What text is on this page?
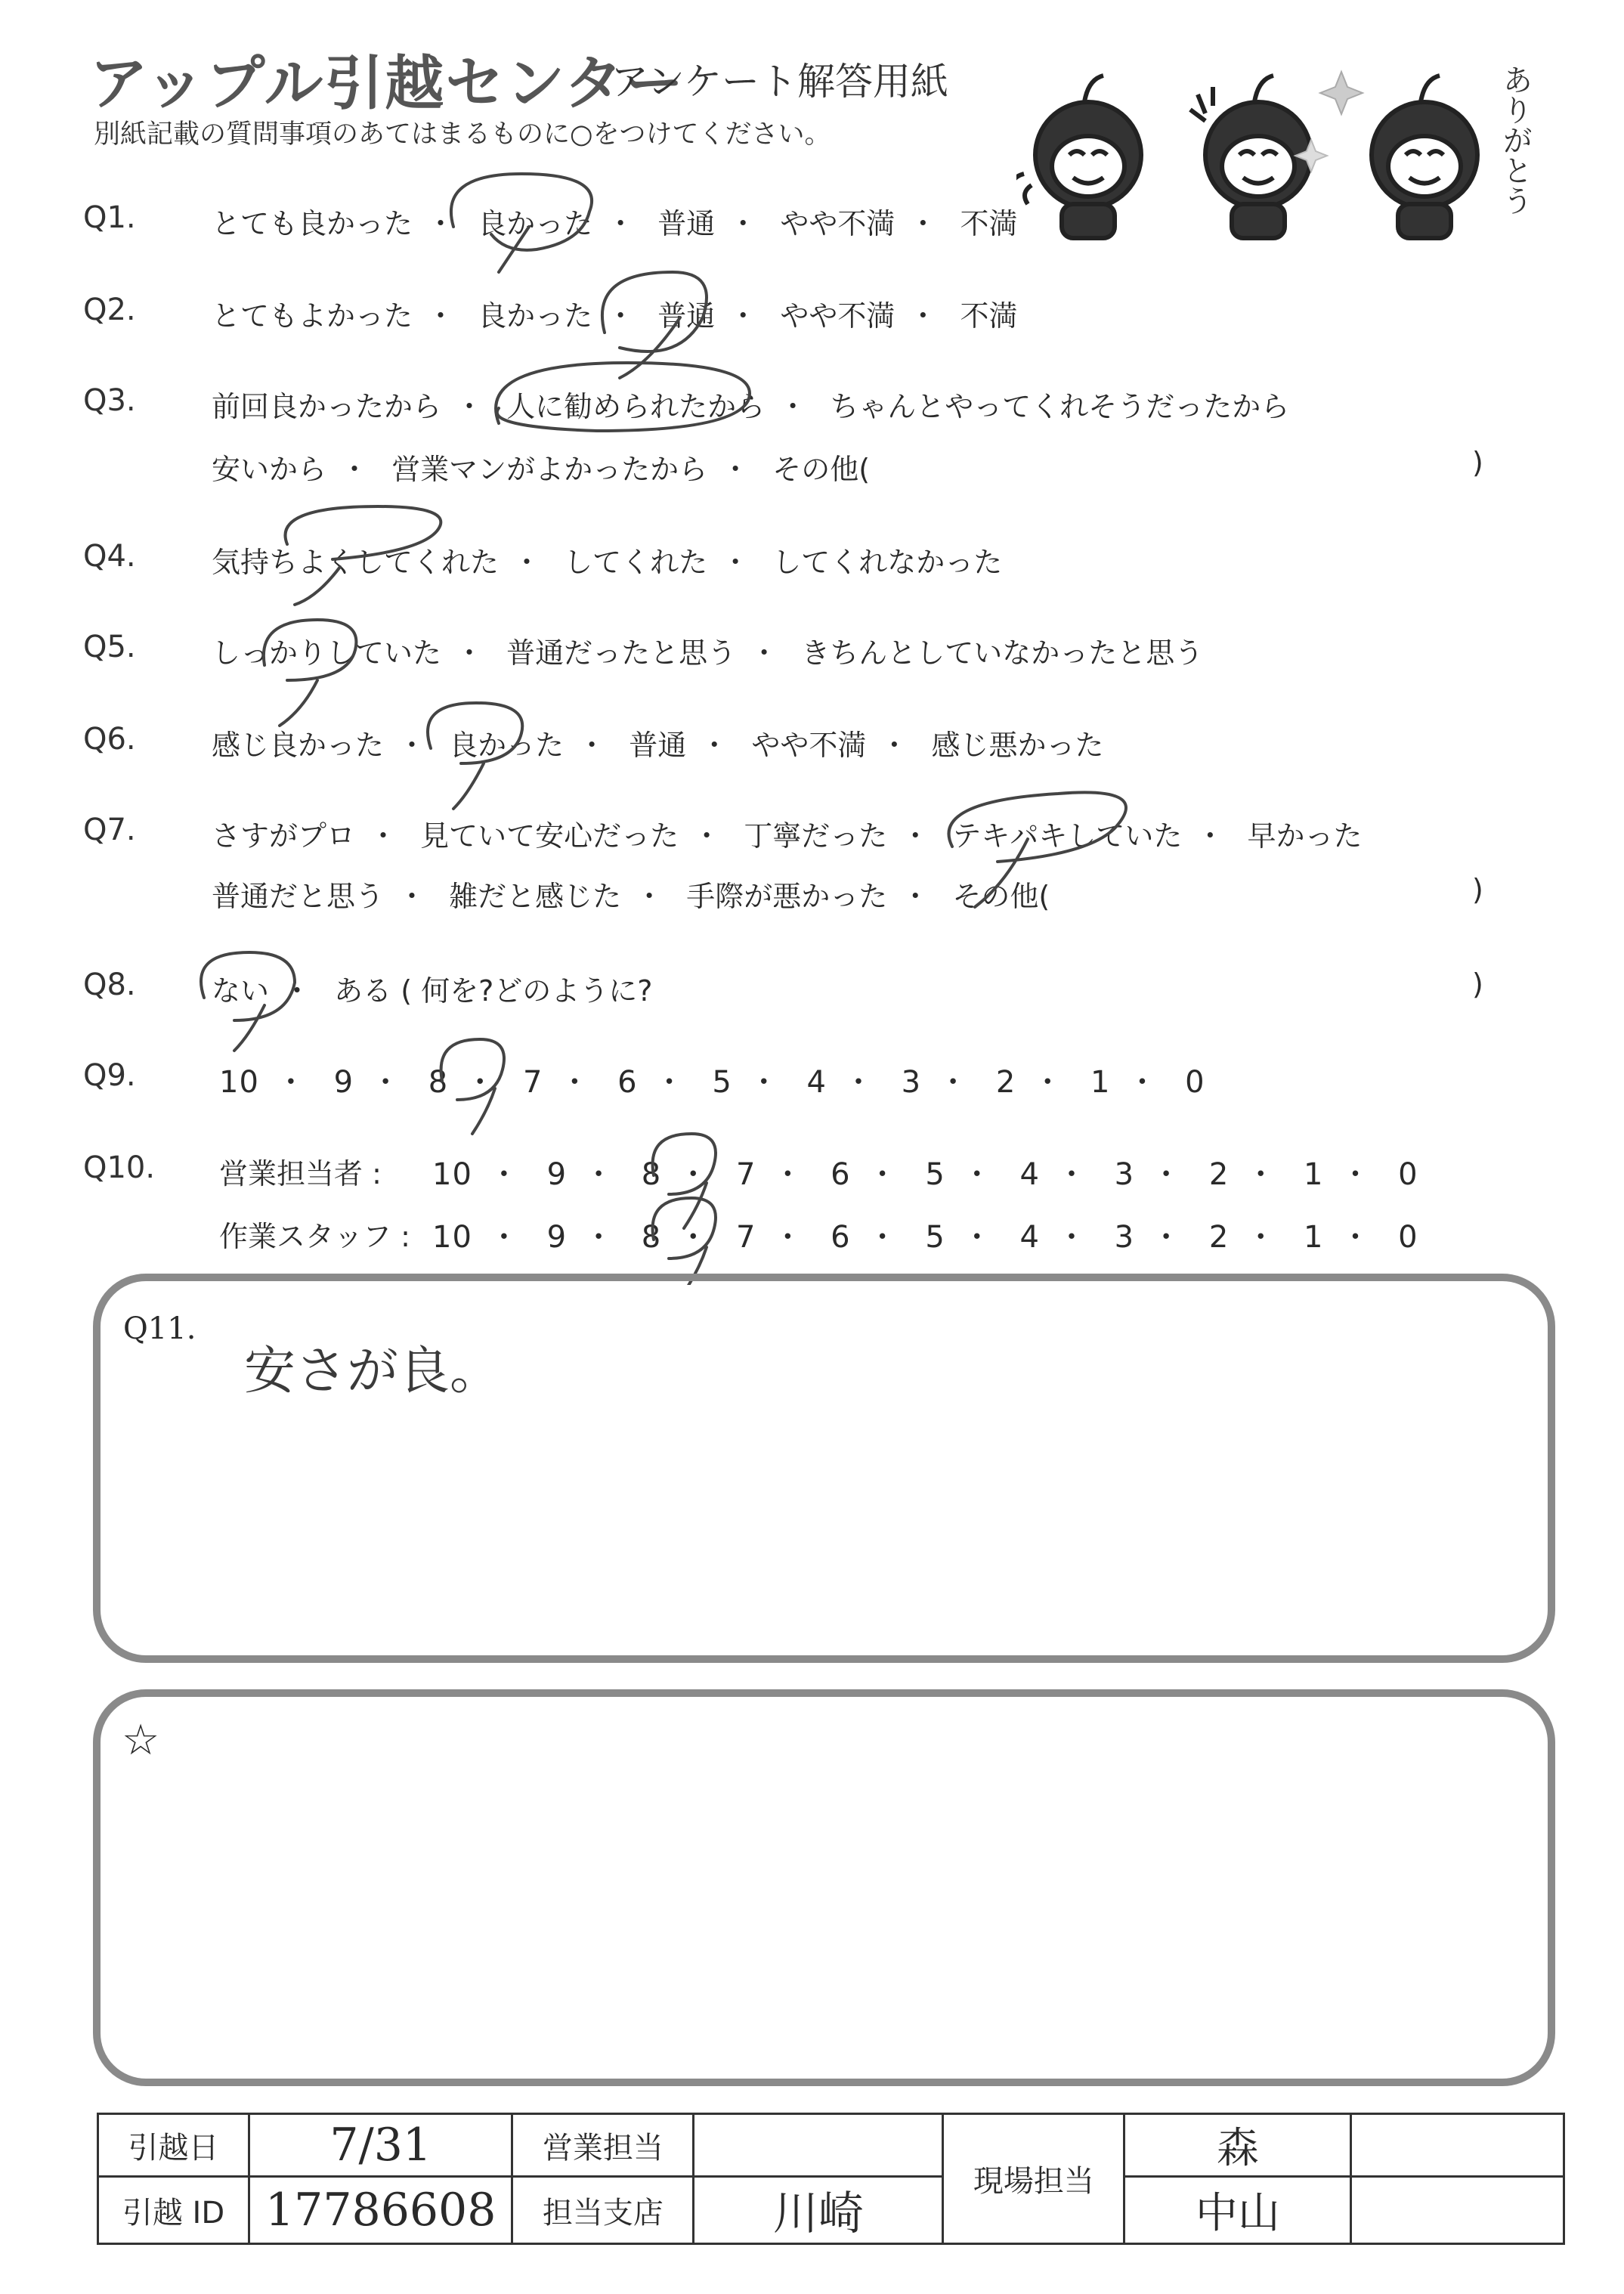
アップル引越センター
アンケート解答用紙
別紙記載の質問事項のあてはまるものに○をつけてください。	ありがとう
Q1.	とても良かった ・ 良かった ・ 普通 ・ やや不満 ・ 不満
Q2.	とてもよかった ・ 良かった ・ 普通 ・ やや不満 ・ 不満
Q3.	前回良かったから ・ 人に勧められたから ・ ちゃんとやってくれそうだったから
安いから ・ 営業マンがよかったから ・ その他(	)
Q4.	気持ちよくしてくれた ・ してくれた ・ してくれなかった
Q5.	しっかりしていた ・ 普通だったと思う ・ きちんとしていなかったと思う
Q6.	感じ良かった ・ 良かった ・ 普通 ・ やや不満 ・ 感じ悪かった
Q7.	さすがプロ ・ 見ていて安心だった ・ 丁寧だった ・ テキパキしていた ・ 早かった
普通だと思う ・ 雑だと感じた ・ 手際が悪かった ・ その他(	)
Q8.	ない ・ ある ( 何を?どのように?	)
Q9.	10 ・ 9 ・ 8 ・ 7 ・ 6 ・ 5 ・ 4 ・ 3 ・ 2 ・ 1 ・ 0
Q10. 営業担当者 : 10 ・ 9 ・ 8 ・ 7 ・ 6 ・ 5 ・ 4 ・ 3 ・ 2 ・ 1 ・ 0
作業スタッフ : 10 ・ 9 ・ 8 ・ 7 ・ 6 ・ 5 ・ 4 ・ 3 ・ 2 ・ 1 ・ 0
Q11.
安さが良。
☆
引越日	7/31	営業担当		現場担当	森	
引越 ID	17786608	担当支店	川崎		中山	
